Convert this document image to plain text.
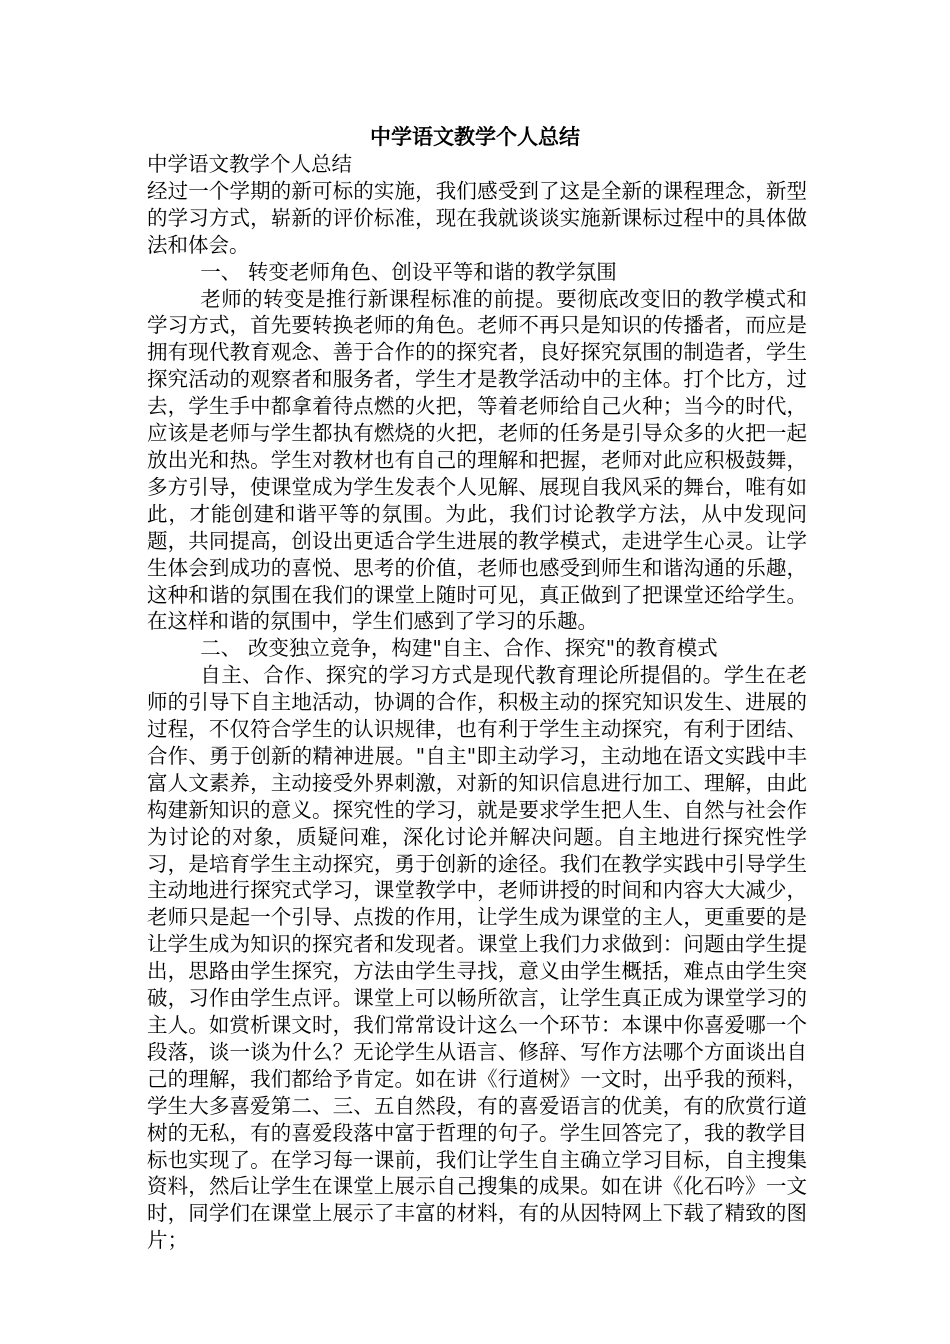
中学语文教学个人总结

中学语文教学个人总结

经过一个学期的新可标的实施，我们感受到了这是全新的课程理念，新型的学习方式，崭新的评价标准，现在我就谈谈实施新课标过程中的具体做法和体会。

一、 转变老师角色、创设平等和谐的教学氛围

老师的转变是推行新课程标准的前提。要彻底改变旧的教学模式和学习方式，首先要转换老师的角色。老师不再只是知识的传播者，而应是拥有现代教育观念、善于合作的的探究者，良好探究氛围的制造者，学生探究活动的观察者和服务者，学生才是教学活动中的主体。打个比方，过去，学生手中都拿着待点燃的火把，等着老师给自己火种；当今的时代，应该是老师与学生都执有燃烧的火把，老师的任务是引导众多的火把一起放出光和热。学生对教材也有自己的理解和把握，老师对此应积极鼓舞，多方引导，使课堂成为学生发表个人见解、展现自我风采的舞台，唯有如此，才能创建和谐平等的氛围。为此，我们讨论教学方法，从中发现问题，共同提高，创设出更适合学生进展的教学模式，走进学生心灵。让学生体会到成功的喜悦、思考的价值，老师也感受到师生和谐沟通的乐趣，这种和谐的氛围在我们的课堂上随时可见，真正做到了把课堂还给学生。在这样和谐的氛围中，学生们感到了学习的乐趣。

二、 改变独立竞争，构建"自主、合作、探究"的教育模式

自主、合作、探究的学习方式是现代教育理论所提倡的。学生在老师的引导下自主地活动，协调的合作，积极主动的探究知识发生、进展的过程，不仅符合学生的认识规律，也有利于学生主动探究，有利于团结、合作、勇于创新的精神进展。"自主"即主动学习，主动地在语文实践中丰富人文素养，主动接受外界刺激，对新的知识信息进行加工、理解，由此构建新知识的意义。探究性的学习，就是要求学生把人生、自然与社会作为讨论的对象，质疑问难，深化讨论并解决问题。自主地进行探究性学习，是培育学生主动探究，勇于创新的途径。我们在教学实践中引导学生主动地进行探究式学习，课堂教学中，老师讲授的时间和内容大大减少，老师只是起一个引导、点拨的作用，让学生成为课堂的主人，更重要的是让学生成为知识的探究者和发现者。课堂上我们力求做到：问题由学生提出，思路由学生探究，方法由学生寻找，意义由学生概括，难点由学生突破，习作由学生点评。课堂上可以畅所欲言，让学生真正成为课堂学习的主人。如赏析课文时，我们常常设计这么一个环节：本课中你喜爱哪一个段落，谈一谈为什么？无论学生从语言、修辞、写作方法哪个方面谈出自己的理解，我们都给予肯定。如在讲《行道树》一文时，出乎我的预料，学生大多喜爱第二、三、五自然段，有的喜爱语言的优美，有的欣赏行道树的无私，有的喜爱段落中富于哲理的句子。学生回答完了，我的教学目标也实现了。在学习每一课前，我们让学生自主确立学习目标，自主搜集资料，然后让学生在课堂上展示自己搜集的成果。如在讲《化石吟》一文时，同学们在课堂上展示了丰富的材料，有的从因特网上下载了精致的图片；
